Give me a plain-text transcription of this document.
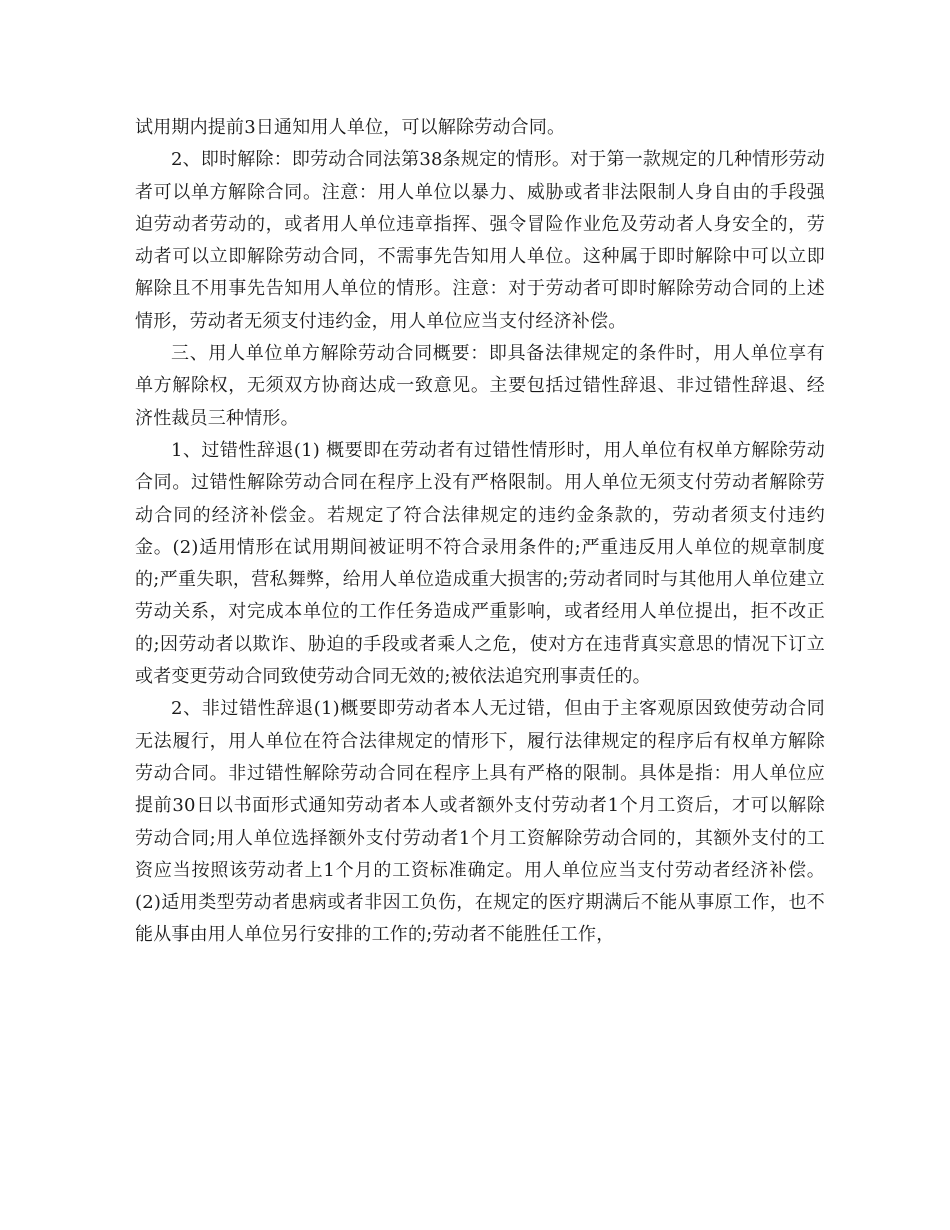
试用期内提前3日通知用人单位，可以解除劳动合同。

2、即时解除：即劳动合同法第38条规定的情形。对于第一款规定的几种情形劳动者可以单方解除合同。注意：用人单位以暴力、威胁或者非法限制人身自由的手段强迫劳动者劳动的，或者用人单位违章指挥、强令冒险作业危及劳动者人身安全的，劳动者可以立即解除劳动合同，不需事先告知用人单位。这种属于即时解除中可以立即解除且不用事先告知用人单位的情形。注意：对于劳动者可即时解除劳动合同的上述情形，劳动者无须支付违约金，用人单位应当支付经济补偿。

三、用人单位单方解除劳动合同概要：即具备法律规定的条件时，用人单位享有单方解除权，无须双方协商达成一致意见。主要包括过错性辞退、非过错性辞退、经济性裁员三种情形。

1、过错性辞退(1) 概要即在劳动者有过错性情形时，用人单位有权单方解除劳动合同。过错性解除劳动合同在程序上没有严格限制。用人单位无须支付劳动者解除劳动合同的经济补偿金。若规定了符合法律规定的违约金条款的，劳动者须支付违约金。(2)适用情形在试用期间被证明不符合录用条件的;严重违反用人单位的规章制度的;严重失职，营私舞弊，给用人单位造成重大损害的;劳动者同时与其他用人单位建立劳动关系，对完成本单位的工作任务造成严重影响，或者经用人单位提出，拒不改正的;因劳动者以欺诈、胁迫的手段或者乘人之危，使对方在违背真实意思的情况下订立或者变更劳动合同致使劳动合同无效的;被依法追究刑事责任的。

2、非过错性辞退(1)概要即劳动者本人无过错，但由于主客观原因致使劳动合同无法履行，用人单位在符合法律规定的情形下，履行法律规定的程序后有权单方解除劳动合同。非过错性解除劳动合同在程序上具有严格的限制。具体是指：用人单位应提前30日以书面形式通知劳动者本人或者额外支付劳动者1个月工资后，才可以解除劳动合同;用人单位选择额外支付劳动者1个月工资解除劳动合同的，其额外支付的工资应当按照该劳动者上1个月的工资标准确定。用人单位应当支付劳动者经济补偿。(2)适用类型劳动者患病或者非因工负伤，在规定的医疗期满后不能从事原工作，也不能从事由用人单位另行安排的工作的;劳动者不能胜任工作，
